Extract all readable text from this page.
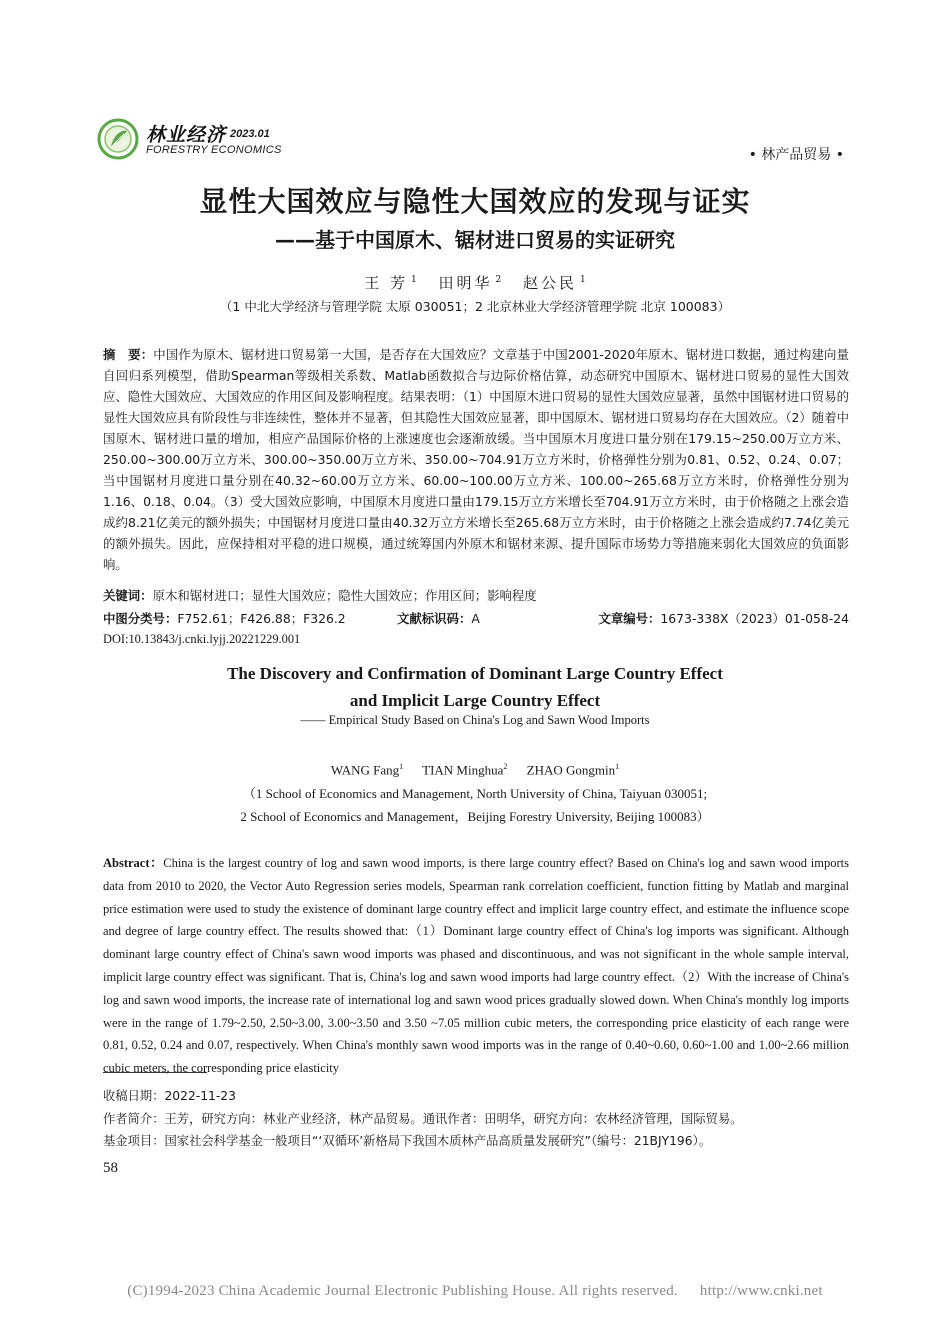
林业经济 2023.01
FORESTRY ECONOMICS	• 林产品贸易 •
显性大国效应与隐性大国效应的发现与证实
——基于中国原木、锯材进口贸易的实证研究
王 芳 $^1$ 田明华 $^2$ 赵公民 $^1$
（1 中北大学经济与管理学院 太原 030051；2 北京林业大学经济管理学院 北京 100083）
摘　要：中国作为原木、锯材进口贸易第一大国，是否存在大国效应？文章基于中国2001-2020年原木、锯材进口数据，通过构建向量自回归系列模型，借助Spearman等级相关系数、Matlab函数拟合与边际价格估算，动态研究中国原木、锯材进口贸易的显性大国效应、隐性大国效应、大国效应的作用区间及影响程度。结果表明：（1）中国原木进口贸易的显性大国效应显著，虽然中国锯材进口贸易的显性大国效应具有阶段性与非连续性，整体并不显著，但其隐性大国效应显著，即中国原木、锯材进口贸易均存在大国效应。（2）随着中国原木、锯材进口量的增加，相应产品国际价格的上涨速度也会逐渐放缓。当中国原木月度进口量分别在179.15~250.00万立方米、250.00~300.00万立方米、300.00~350.00万立方米、350.00~704.91万立方米时，价格弹性分别为0.81、0.52、0.24、0.07；当中国锯材月度进口量分别在40.32~60.00万立方米、60.00~100.00万立方米、100.00~265.68万立方米时，价格弹性分别为1.16、0.18、0.04。（3）受大国效应影响，中国原木月度进口量由179.15万立方米增长至704.91万立方米时，由于价格随之上涨会造成约8.21亿美元的额外损失；中国锯材月度进口量由40.32万立方米增长至265.68万立方米时，由于价格随之上涨会造成约7.74亿美元的额外损失。因此，应保持相对平稳的进口规模，通过统筹国内外原木和锯材来源、提升国际市场势力等措施来弱化大国效应的负面影响。
关键词：原木和锯材进口；显性大国效应；隐性大国效应；作用区间；影响程度
中图分类号：F752.61；F426.88；F326.2	文献标识码：A	文章编号：1673-338X（2023）01-058-24
DOI:10.13843/j.cnki.lyjj.20221229.001
The Discovery and Confirmation of Dominant Large Country Effect
and Implicit Large Country Effect
—— Empirical Study Based on China's Log and Sawn Wood Imports
WANG Fang$^1$ TIAN Minghua$^2$ ZHAO Gongmin$^1$
（1 School of Economics and Management, North University of China, Taiyuan 030051;
2 School of Economics and Management，Beijing Forestry University, Beijing 100083）
Abstract：China is the largest country of log and sawn wood imports, is there large country effect? Based on China's log and sawn wood imports data from 2010 to 2020, the Vector Auto Regression series models, Spearman rank correlation coefficient, function fitting by Matlab and marginal price estimation were used to study the existence of dominant large country effect and implicit large country effect, and estimate the influence scope and degree of large country effect. The results showed that:（1）Dominant large country effect of China's log imports was significant. Although dominant large country effect of China's sawn wood imports was phased and discontinuous, and was not significant in the whole sample interval, implicit large country effect was significant. That is, China's log and sawn wood imports had large country effect.（2）With the increase of China's log and sawn wood imports, the increase rate of international log and sawn wood prices gradually slowed down. When China's monthly log imports were in the range of 1.79~2.50, 2.50~3.00, 3.00~3.50 and 3.50 ~7.05 million cubic meters, the corresponding price elasticity of each range were 0.81, 0.52, 0.24 and 0.07, respectively. When China's monthly sawn wood imports was in the range of 0.40~0.60, 0.60~1.00 and 1.00~2.66 million cubic meters, the corresponding price elasticity
收稿日期：2022-11-23
作者简介：王芳，研究方向：林业产业经济，林产品贸易。通讯作者：田明华，研究方向：农林经济管理，国际贸易。
基金项目：国家社会科学基金一般项目“‘双循环’新格局下我国木质林产品高质量发展研究”（编号：21BJY196）。
58
(C)1994-2023 China Academic Journal Electronic Publishing House. All rights reserved. http://www.cnki.net
